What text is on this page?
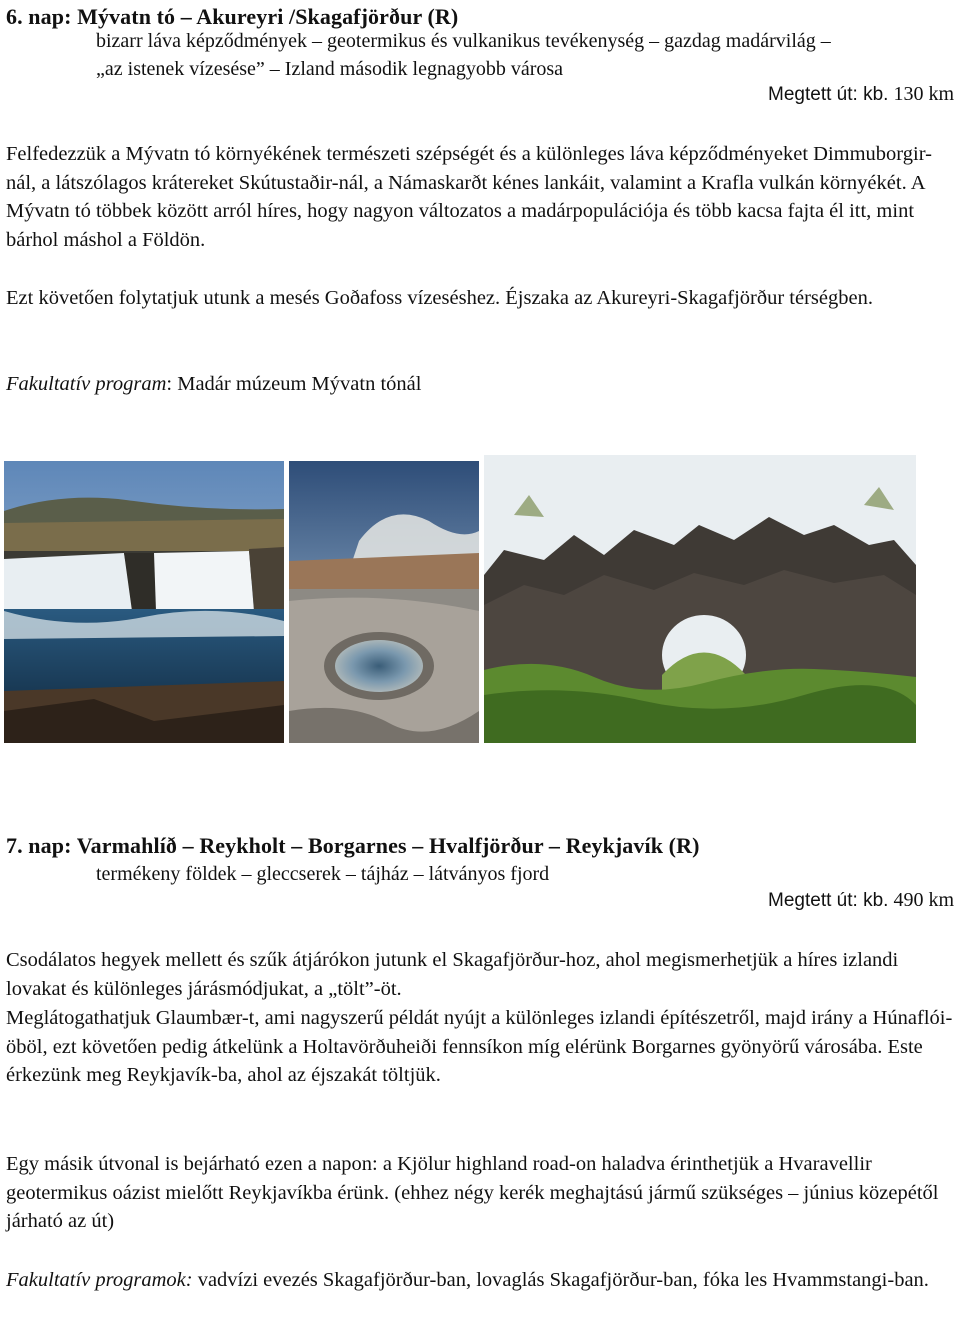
6. nap: Mývatn tó – Akureyri /Skagafjörður (R)

bizarr láva képződmények – geotermikus és vulkanikus tevékenység – gazdag madárvilág –

„az istenek vízesése” – Izland második legnagyobb városa

Megtett út: kb. 130 km

Felfedezzük a Mývatn tó környékének természeti szépségét és a különleges láva képződményeket Dimmuborgir-nál, a látszólagos krátereket Skútustaðir-nál, a Námaskarðt kénes lankáit, valamint a Krafla vulkán környékét. A Mývatn tó többek között arról híres, hogy nagyon változatos a madárpopulációja és több kacsa fajta él itt, mint bárhol máshol a Földön.

Ezt követően folytatjuk utunk a mesés Goðafoss vízeséshez. Éjszaka az Akureyri-Skagafjörður térségben.

Fakultatív program: Madár múzeum Mývatn tónál

7. nap: Varmahlíð – Reykholt – Borgarnes – Hvalfjörður – Reykjavík (R)

termékeny földek – gleccserek – tájház – látványos fjord

Megtett út: kb. 490 km

Csodálatos hegyek mellett és szűk átjárókon jutunk el Skagafjörður-hoz, ahol megismerhetjük a híres izlandi lovakat és különleges járásmódjukat, a „tölt”-öt.

Meglátogathatjuk Glaumbær-t, ami nagyszerű példát nyújt a különleges izlandi építészetről, majd irány a Húnaflói-öböl, ezt követően pedig átkelünk a Holtavörðuheiði fennsíkon míg elérünk Borgarnes gyönyörű városába. Este érkezünk meg Reykjavík-ba, ahol az éjszakát töltjük.

Egy másik útvonal is bejárható ezen a napon: a Kjölur highland road-on haladva érinthetjük a Hvaravellir geotermikus oázist mielőtt Reykjavíkba érünk. (ehhez négy kerék meghajtású jármű szükséges – június közepétől járható az út)

Fakultatív programok: vadvízi evezés Skagafjörður-ban, lovaglás Skagafjörður-ban, fóka les Hvammstangi-ban.
